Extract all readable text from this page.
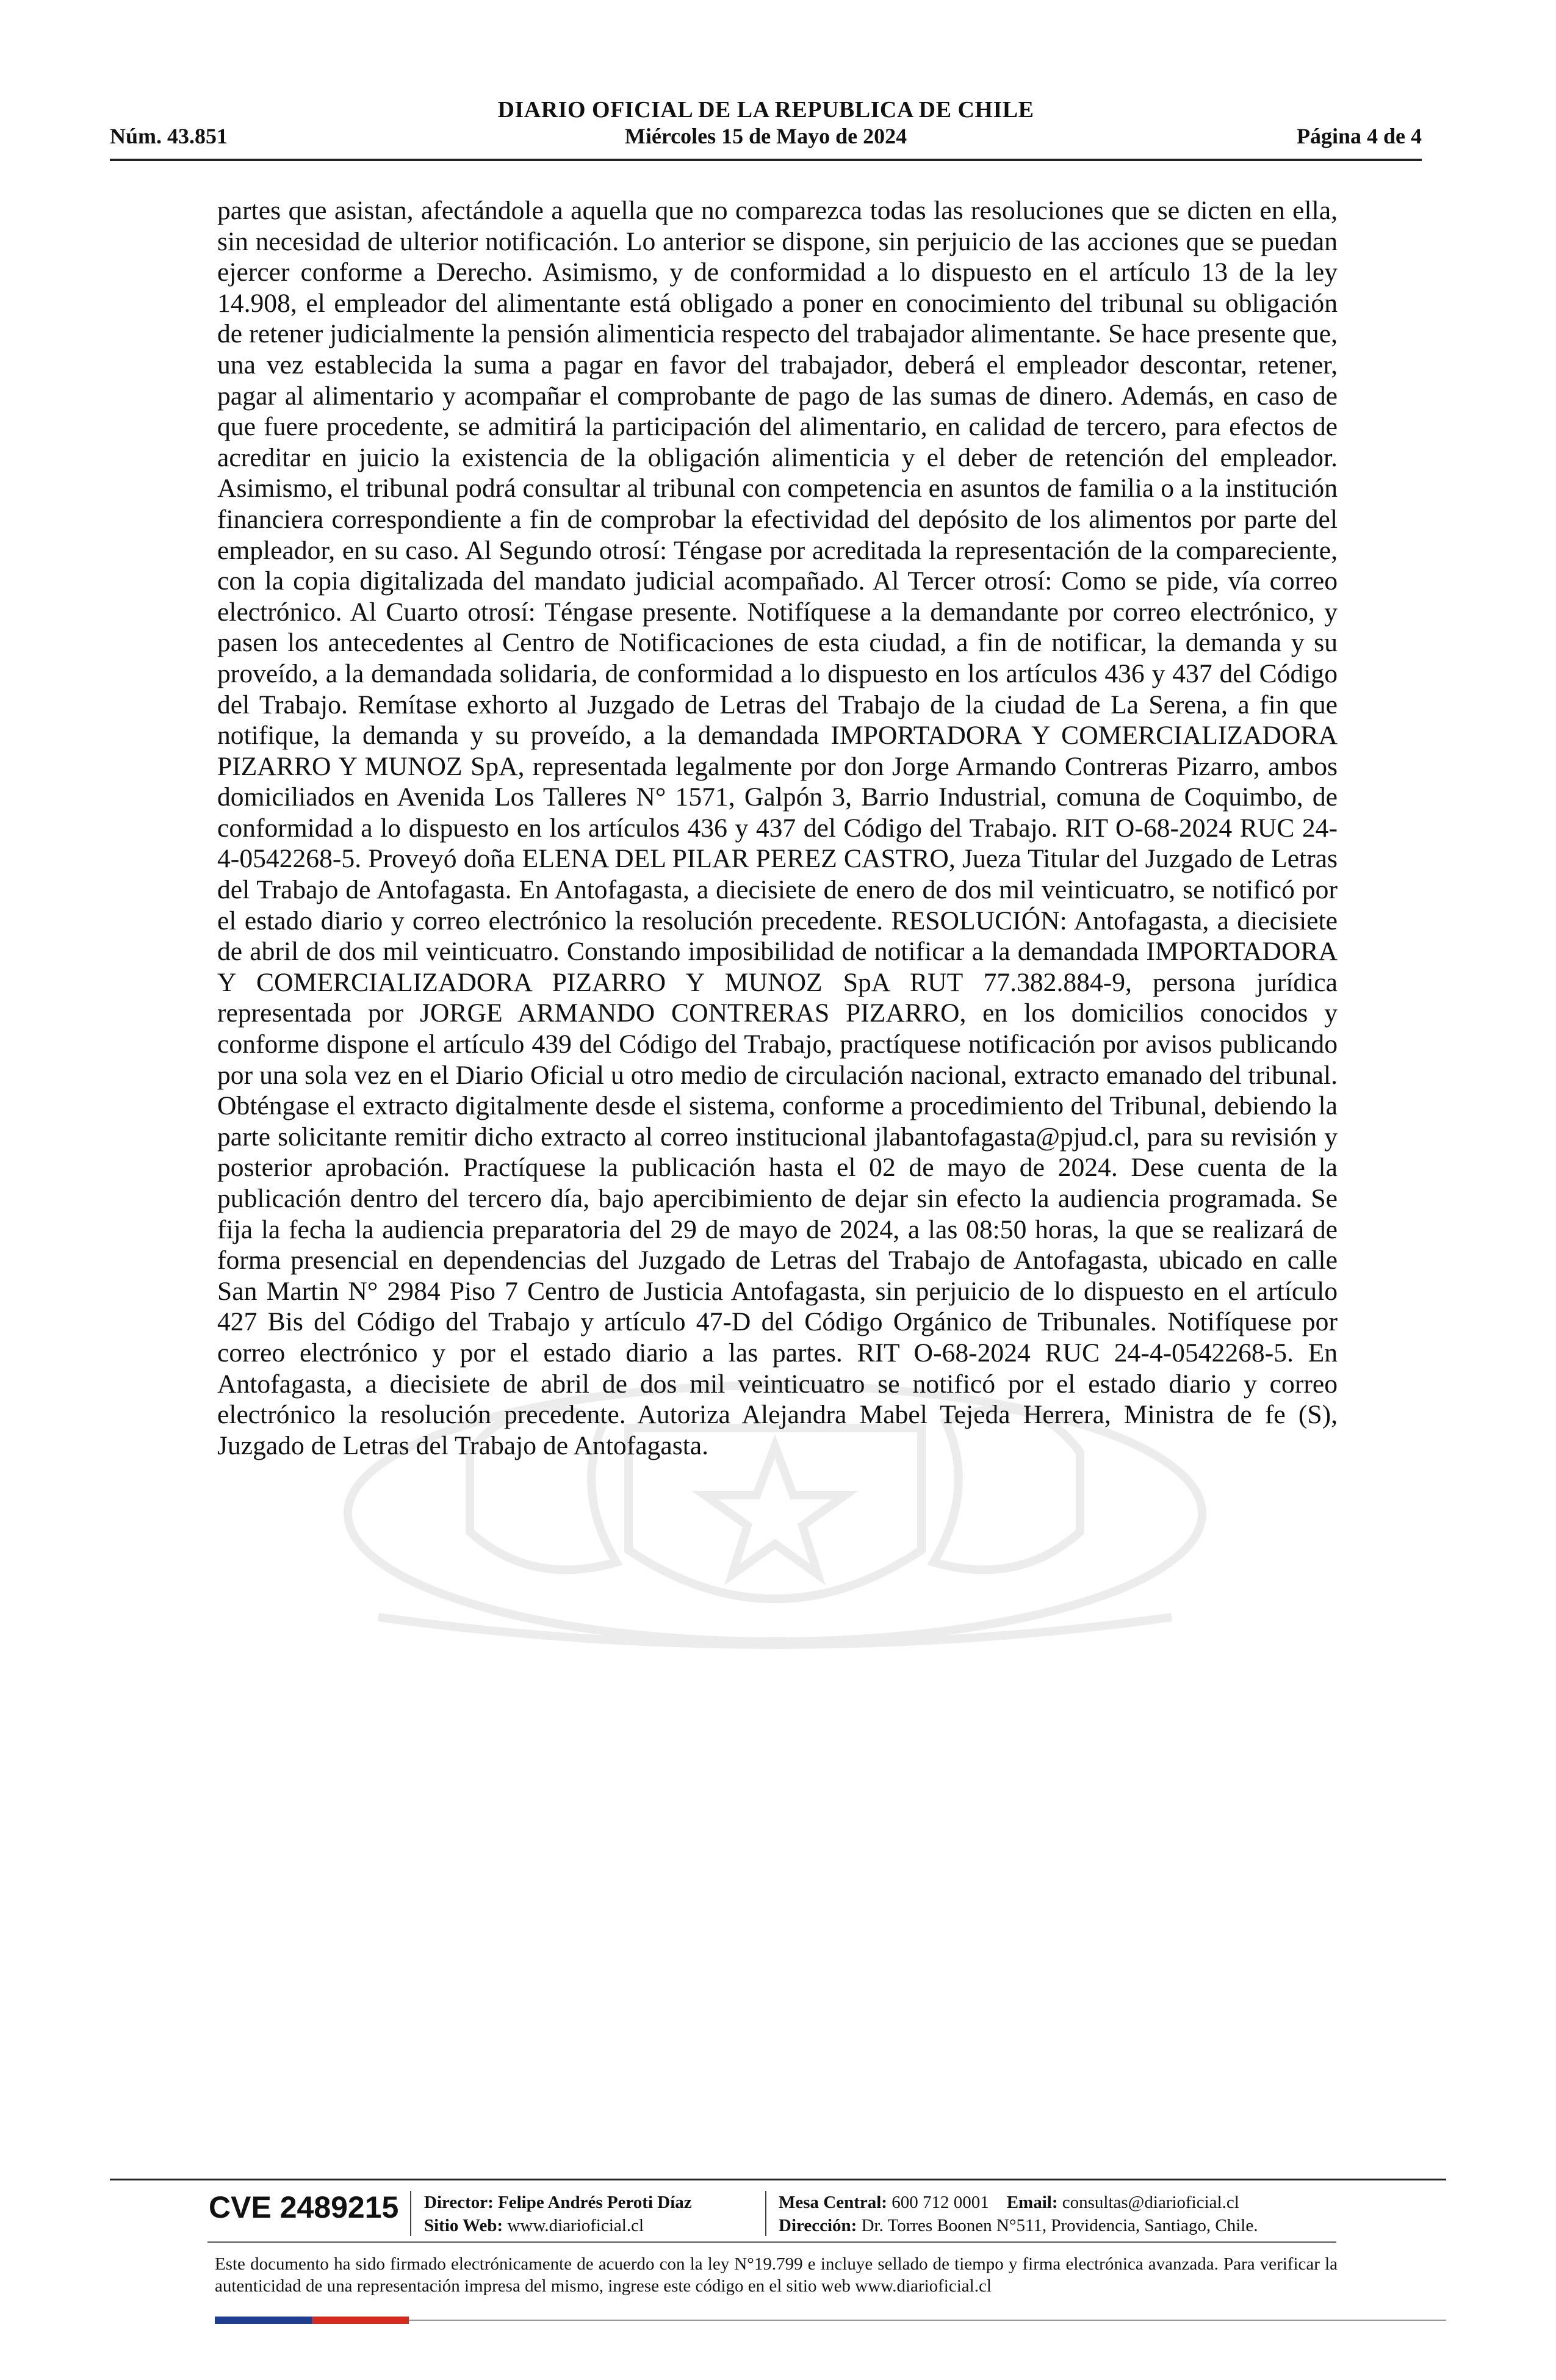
DIARIO OFICIAL DE LA REPUBLICA DE CHILE
Núm. 43.851	Miércoles 15 de Mayo de 2024	Página 4 de 4
partes que asistan, afectándole a aquella que no comparezca todas las resoluciones que se dicten en ella, sin necesidad de ulterior notificación. Lo anterior se dispone, sin perjuicio de las acciones que se puedan ejercer conforme a Derecho. Asimismo, y de conformidad a lo dispuesto en el artículo 13 de la ley 14.908, el empleador del alimentante está obligado a poner en conocimiento del tribunal su obligación de retener judicialmente la pensión alimenticia respecto del trabajador alimentante. Se hace presente que, una vez establecida la suma a pagar en favor del trabajador, deberá el empleador descontar, retener, pagar al alimentario y acompañar el comprobante de pago de las sumas de dinero. Además, en caso de que fuere procedente, se admitirá la participación del alimentario, en calidad de tercero, para efectos de acreditar en juicio la existencia de la obligación alimenticia y el deber de retención del empleador. Asimismo, el tribunal podrá consultar al tribunal con competencia en asuntos de familia o a la institución financiera correspondiente a fin de comprobar la efectividad del depósito de los alimentos por parte del empleador, en su caso. Al Segundo otrosí: Téngase por acreditada la representación de la compareciente, con la copia digitalizada del mandato judicial acompañado. Al Tercer otrosí: Como se pide, vía correo electrónico. Al Cuarto otrosí: Téngase presente. Notifíquese a la demandante por correo electrónico, y pasen los antecedentes al Centro de Notificaciones de esta ciudad, a fin de notificar, la demanda y su proveído, a la demandada solidaria, de conformidad a lo dispuesto en los artículos 436 y 437 del Código del Trabajo. Remítase exhorto al Juzgado de Letras del Trabajo de la ciudad de La Serena, a fin que notifique, la demanda y su proveído, a la demandada IMPORTADORA Y COMERCIALIZADORA PIZARRO Y MUNOZ SpA, representada legalmente por don Jorge Armando Contreras Pizarro, ambos domiciliados en Avenida Los Talleres N° 1571, Galpón 3, Barrio Industrial, comuna de Coquimbo, de conformidad a lo dispuesto en los artículos 436 y 437 del Código del Trabajo. RIT O-68-2024 RUC 24-4-0542268-5. Proveyó doña ELENA DEL PILAR PEREZ CASTRO, Jueza Titular del Juzgado de Letras del Trabajo de Antofagasta. En Antofagasta, a diecisiete de enero de dos mil veinticuatro, se notificó por el estado diario y correo electrónico la resolución precedente. RESOLUCIÓN: Antofagasta, a diecisiete de abril de dos mil veinticuatro. Constando imposibilidad de notificar a la demandada IMPORTADORA Y COMERCIALIZADORA PIZARRO Y MUNOZ SpA RUT 77.382.884-9, persona jurídica representada por JORGE ARMANDO CONTRERAS PIZARRO, en los domicilios conocidos y conforme dispone el artículo 439 del Código del Trabajo, practíquese notificación por avisos publicando por una sola vez en el Diario Oficial u otro medio de circulación nacional, extracto emanado del tribunal. Obténgase el extracto digitalmente desde el sistema, conforme a procedimiento del Tribunal, debiendo la parte solicitante remitir dicho extracto al correo institucional jlabantofagasta@pjud.cl, para su revisión y posterior aprobación. Practíquese la publicación hasta el 02 de mayo de 2024. Dese cuenta de la publicación dentro del tercero día, bajo apercibimiento de dejar sin efecto la audiencia programada. Se fija la fecha la audiencia preparatoria del 29 de mayo de 2024, a las 08:50 horas, la que se realizará de forma presencial en dependencias del Juzgado de Letras del Trabajo de Antofagasta, ubicado en calle San Martin N° 2984 Piso 7 Centro de Justicia Antofagasta, sin perjuicio de lo dispuesto en el artículo 427 Bis del Código del Trabajo y artículo 47-D del Código Orgánico de Tribunales. Notifíquese por correo electrónico y por el estado diario a las partes. RIT O-68-2024 RUC 24-4-0542268-5. En Antofagasta, a diecisiete de abril de dos mil veinticuatro se notificó por el estado diario y correo electrónico la resolución precedente. Autoriza Alejandra Mabel Tejeda Herrera, Ministra de fe (S), Juzgado de Letras del Trabajo de Antofagasta.
CVE 2489215 Director: Felipe Andrés Peroti Díaz
Sitio Web: www.diarioficial.cl
Mesa Central: 600 712 0001 Email: consultas@diarioficial.cl
Dirección: Dr. Torres Boonen N°511, Providencia, Santiago, Chile.
Este documento ha sido firmado electrónicamente de acuerdo con la ley N°19.799 e incluye sellado de tiempo y firma electrónica avanzada. Para verificar la autenticidad de una representación impresa del mismo, ingrese este código en el sitio web www.diarioficial.cl
